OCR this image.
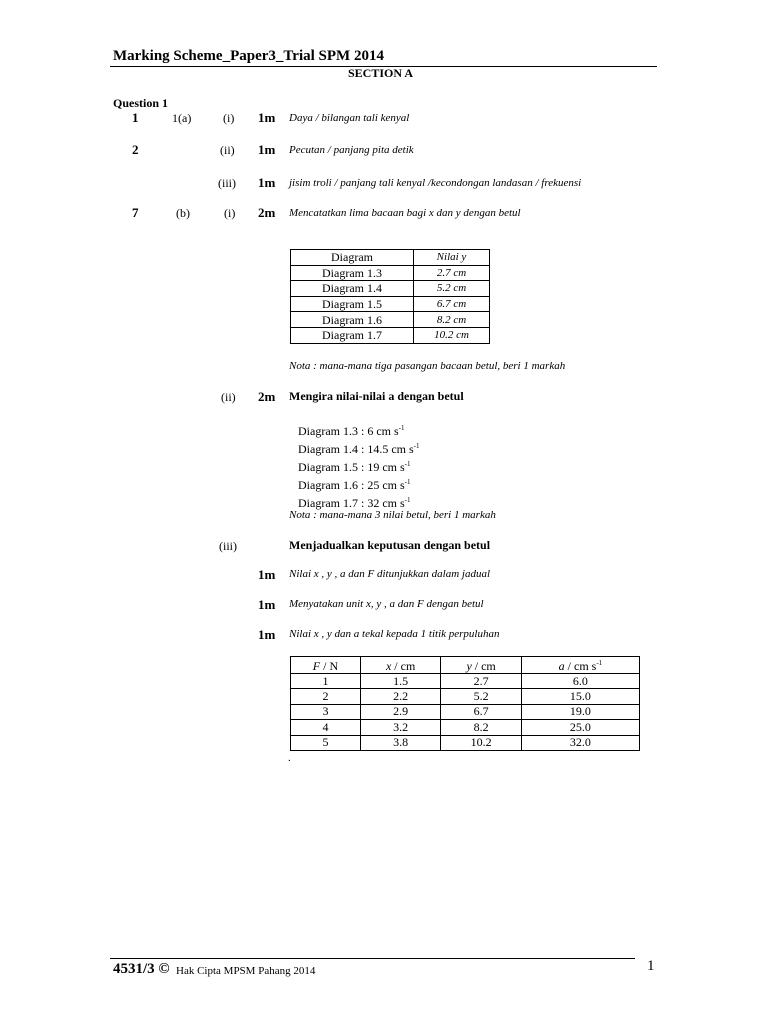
Marking Scheme_Paper3_Trial SPM 2014
SECTION A
Question 1
1	1(a)	(i) 1m Daya / bilangan tali kenyal
2	(ii) 1m Pecutan / panjang pita detik
(iii) 1m jisim troli / panjang tali kenyal /kecondongan landasan / frekuensi
7	(b)	(i) 2m Mencatatkan lima bacaan bagi x dan y dengan betul
Diagram	Nilai y
Diagram 1.3	2.7 cm
Diagram 1.4	5.2 cm
Diagram 1.5	6.7 cm
Diagram 1.6	8.2 cm
Diagram 1.7	10.2 cm
Nota : mana-mana tiga pasangan bacaan betul, beri 1 markah
(ii) 2m Mengira nilai-nilai a dengan betul
Diagram 1.3 : 6 cm $s^{-1}$
Diagram 1.4 : 14.5 cm $s^{-1}$
Diagram 1.5 : 19 cm $s^{-1}$
Diagram 1.6 : 25 cm $s^{-1}$
Diagram 1.7 : 32 cm $s^{-1}$
Nota : mana-mana 3 nilai betul, beri 1 markah
(iii)	Menjadualkan keputusan dengan betul
1m Nilai x , y , a dan F ditunjukkan dalam jadual
1m Menyatakan unit x, y , a dan F dengan betul
1m Nilai x , y dan a tekal kepada 1 titik perpuluhan
F / N	x / cm	y / cm	a / cm $s^{-1}$
1	1.5	2.7	6.0
2	2.2	5.2	15.0
3	2.9	6.7	19.0
4	3.2	8.2	25.0
5	3.8	10.2	32.0
.
4531/3 © Hak Cipta MPSM Pahang 2014	1
